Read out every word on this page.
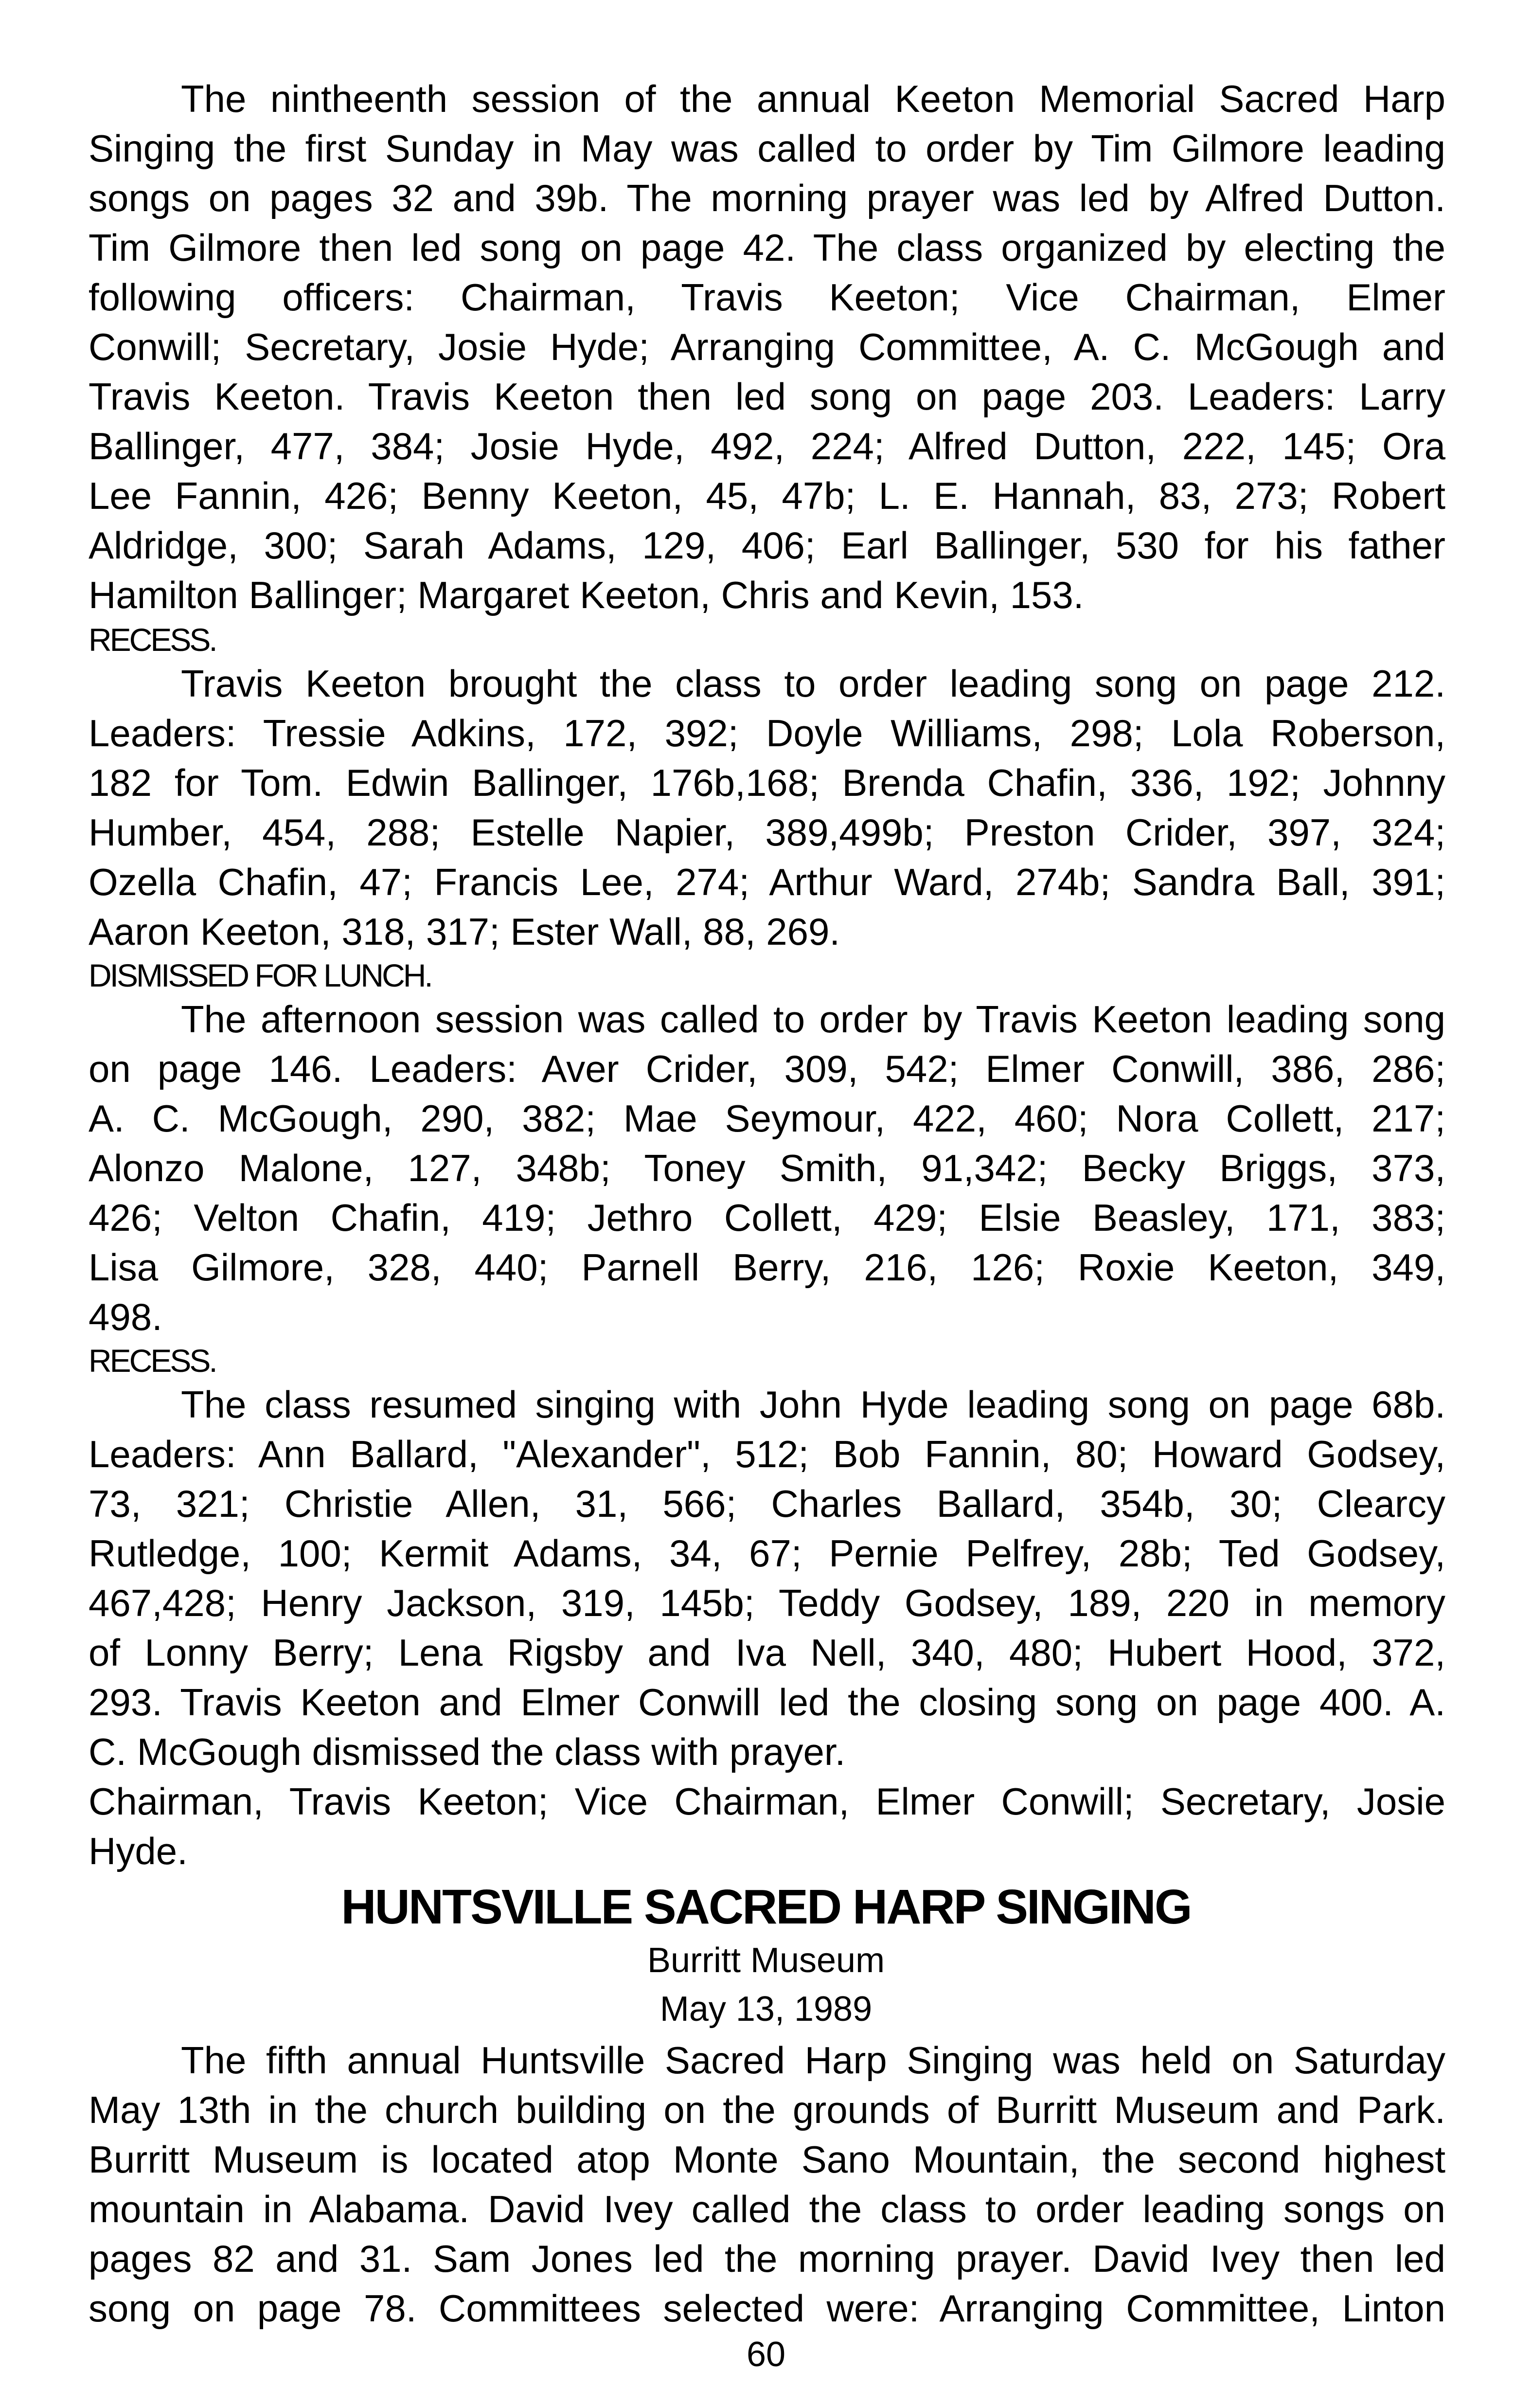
The nintheenth session of the annual Keeton Memorial Sacred Harp

Singing the first Sunday in May was called to order by Tim Gilmore leading

songs on pages 32 and 39b. The morning prayer was led by Alfred Dutton.

Tim Gilmore then led song on page 42. The class organized by electing the

following officers: Chairman, Travis Keeton; Vice Chairman, Elmer

Conwill; Secretary, Josie Hyde; Arranging Committee, A. C. McGough and

Travis Keeton. Travis Keeton then led song on page 203. Leaders: Larry

Ballinger, 477, 384; Josie Hyde, 492, 224; Alfred Dutton, 222, 145; Ora

Lee Fannin, 426; Benny Keeton, 45, 47b; L. E. Hannah, 83, 273; Robert

Aldridge, 300; Sarah Adams, 129, 406; Earl Ballinger, 530 for his father

Hamilton Ballinger; Margaret Keeton, Chris and Kevin, 153.

RECESS.

Travis Keeton brought the class to order leading song on page 212.

Leaders: Tressie Adkins, 172, 392; Doyle Williams, 298; Lola Roberson,

182 for Tom. Edwin Ballinger, 176b,168; Brenda Chafin, 336, 192; Johnny

Humber, 454, 288; Estelle Napier, 389,499b; Preston Crider, 397, 324;

Ozella Chafin, 47; Francis Lee, 274; Arthur Ward, 274b; Sandra Ball, 391;

Aaron Keeton, 318, 317; Ester Wall, 88, 269.

DISMISSED FOR LUNCH.

The afternoon session was called to order by Travis Keeton leading song

on page 146. Leaders: Aver Crider, 309, 542; Elmer Conwill, 386, 286;

A. C. McGough, 290, 382; Mae Seymour, 422, 460; Nora Collett, 217;

Alonzo Malone, 127, 348b; Toney Smith, 91,342; Becky Briggs, 373,

426; Velton Chafin, 419; Jethro Collett, 429; Elsie Beasley, 171, 383;

Lisa Gilmore, 328, 440; Parnell Berry, 216, 126; Roxie Keeton, 349,

498.

RECESS.

The class resumed singing with John Hyde leading song on page 68b.

Leaders: Ann Ballard, "Alexander", 512; Bob Fannin, 80; Howard Godsey,

73, 321; Christie Allen, 31, 566; Charles Ballard, 354b, 30; Clearcy

Rutledge, 100; Kermit Adams, 34, 67; Pernie Pelfrey, 28b; Ted Godsey,

467,428; Henry Jackson, 319, 145b; Teddy Godsey, 189, 220 in memory

of Lonny Berry; Lena Rigsby and Iva Nell, 340, 480; Hubert Hood, 372,

293. Travis Keeton and Elmer Conwill led the closing song on page 400. A.

C. McGough dismissed the class with prayer.

Chairman, Travis Keeton; Vice Chairman, Elmer Conwill; Secretary, Josie

Hyde.

HUNTSVILLE SACRED HARP SINGING

Burritt Museum

May 13, 1989

The fifth annual Huntsville Sacred Harp Singing was held on Saturday

May 13th in the church building on the grounds of Burritt Museum and Park.

Burritt Museum is located atop Monte Sano Mountain, the second highest

mountain in Alabama. David Ivey called the class to order leading songs on

pages 82 and 31. Sam Jones led the morning prayer. David Ivey then led

song on page 78. Committees selected were: Arranging Committee, Linton

60
